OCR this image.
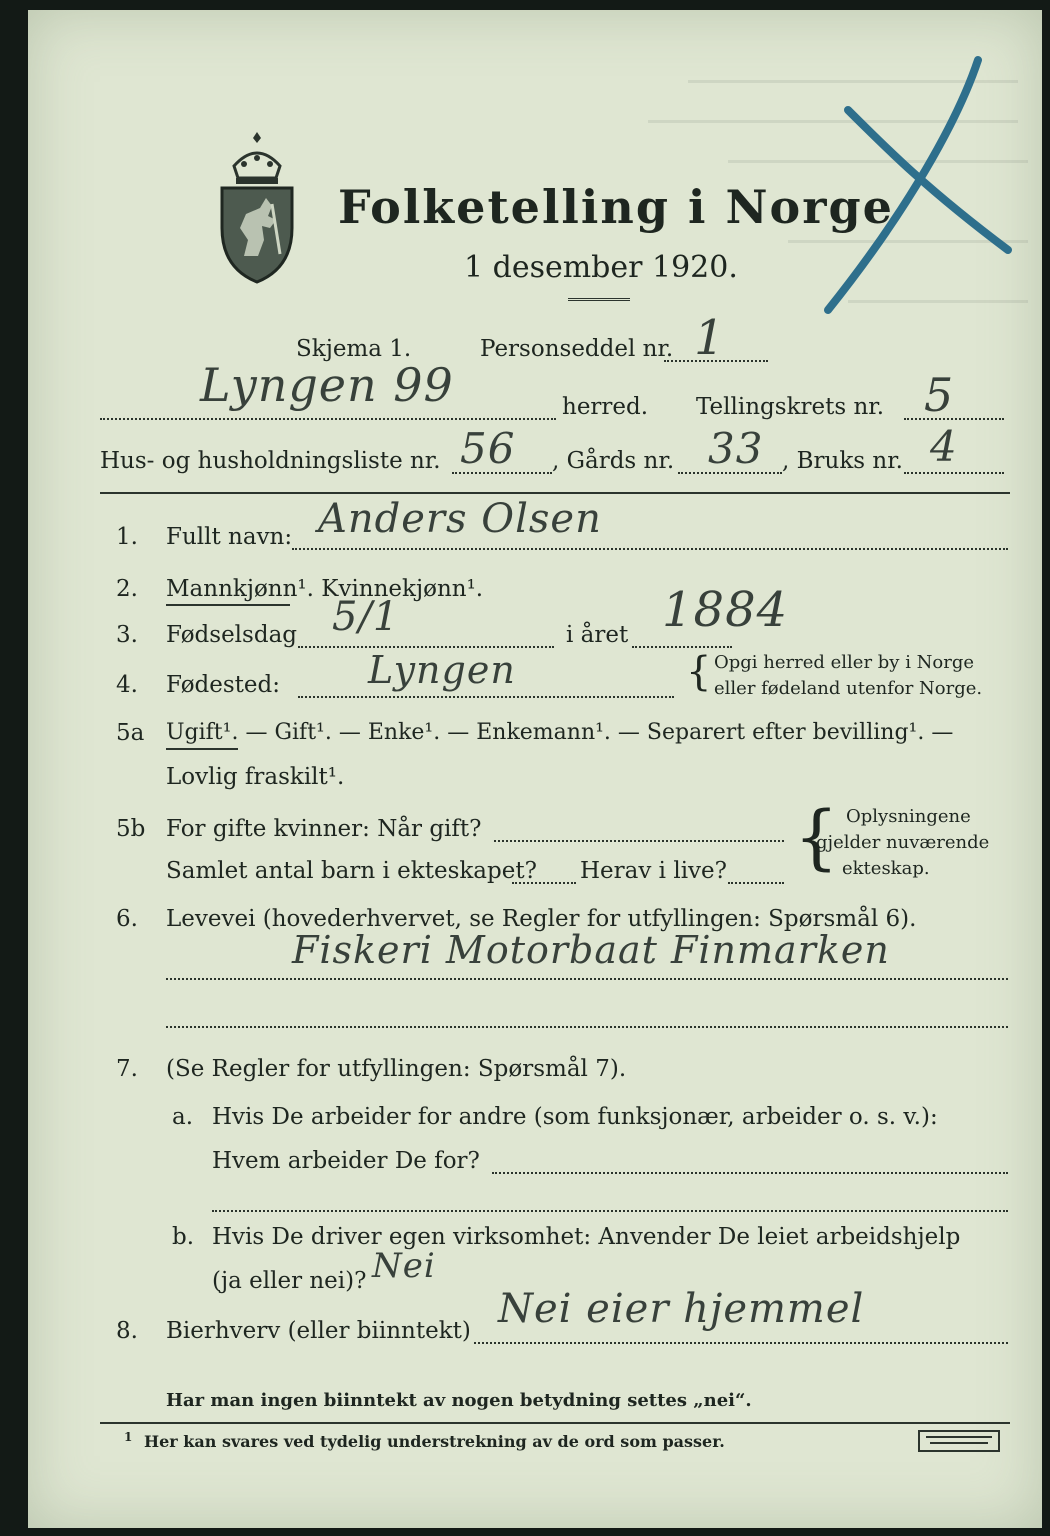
Folketelling i Norge
1 desember 1920.
Skjema 1.	Personseddel nr. 1
Lyngen 99	herred. Tellingskrets nr. 5
Hus- og husholdningsliste nr. 56 , Gårds nr. 33 , Bruks nr. 4
1. Fullt navn: Anders Olsen
2. Mannkjønn¹. Kvinnekjønn¹.
3. Fødselsdag 5/1	i året 1884
4. Fødested: Lyngen	{ Opgi herred eller by i Norge
eller fødeland utenfor Norge.
5a Ugift¹. — Gift¹. — Enke¹. — Enkemann¹. — Separert efter bevilling¹. —
Lovlig fraskilt¹.
5b For gifte kvinner: Når gift?
Samlet antal barn i ekteskapet? Herav i live? { Oplysningene
gjelder nuværende
ekteskap.
6. Levevei (hovederhvervet, se Regler for utfyllingen: Spørsmål 6).
Fiskeri Motorbaat Finmarken
7. (Se Regler for utfyllingen: Spørsmål 7).
a. Hvis De arbeider for andre (som funksjonær, arbeider o. s. v.):
Hvem arbeider De for?
b. Hvis De driver egen virksomhet: Anvender De leiet arbeidshjelp
(ja eller nei)? Nei
8. Bierhverv (eller biinntekt) Nei eier hjemmel
Har man ingen biinntekt av nogen betydning settes „nei“.
1 Her kan svares ved tydelig understrekning av de ord som passer.
